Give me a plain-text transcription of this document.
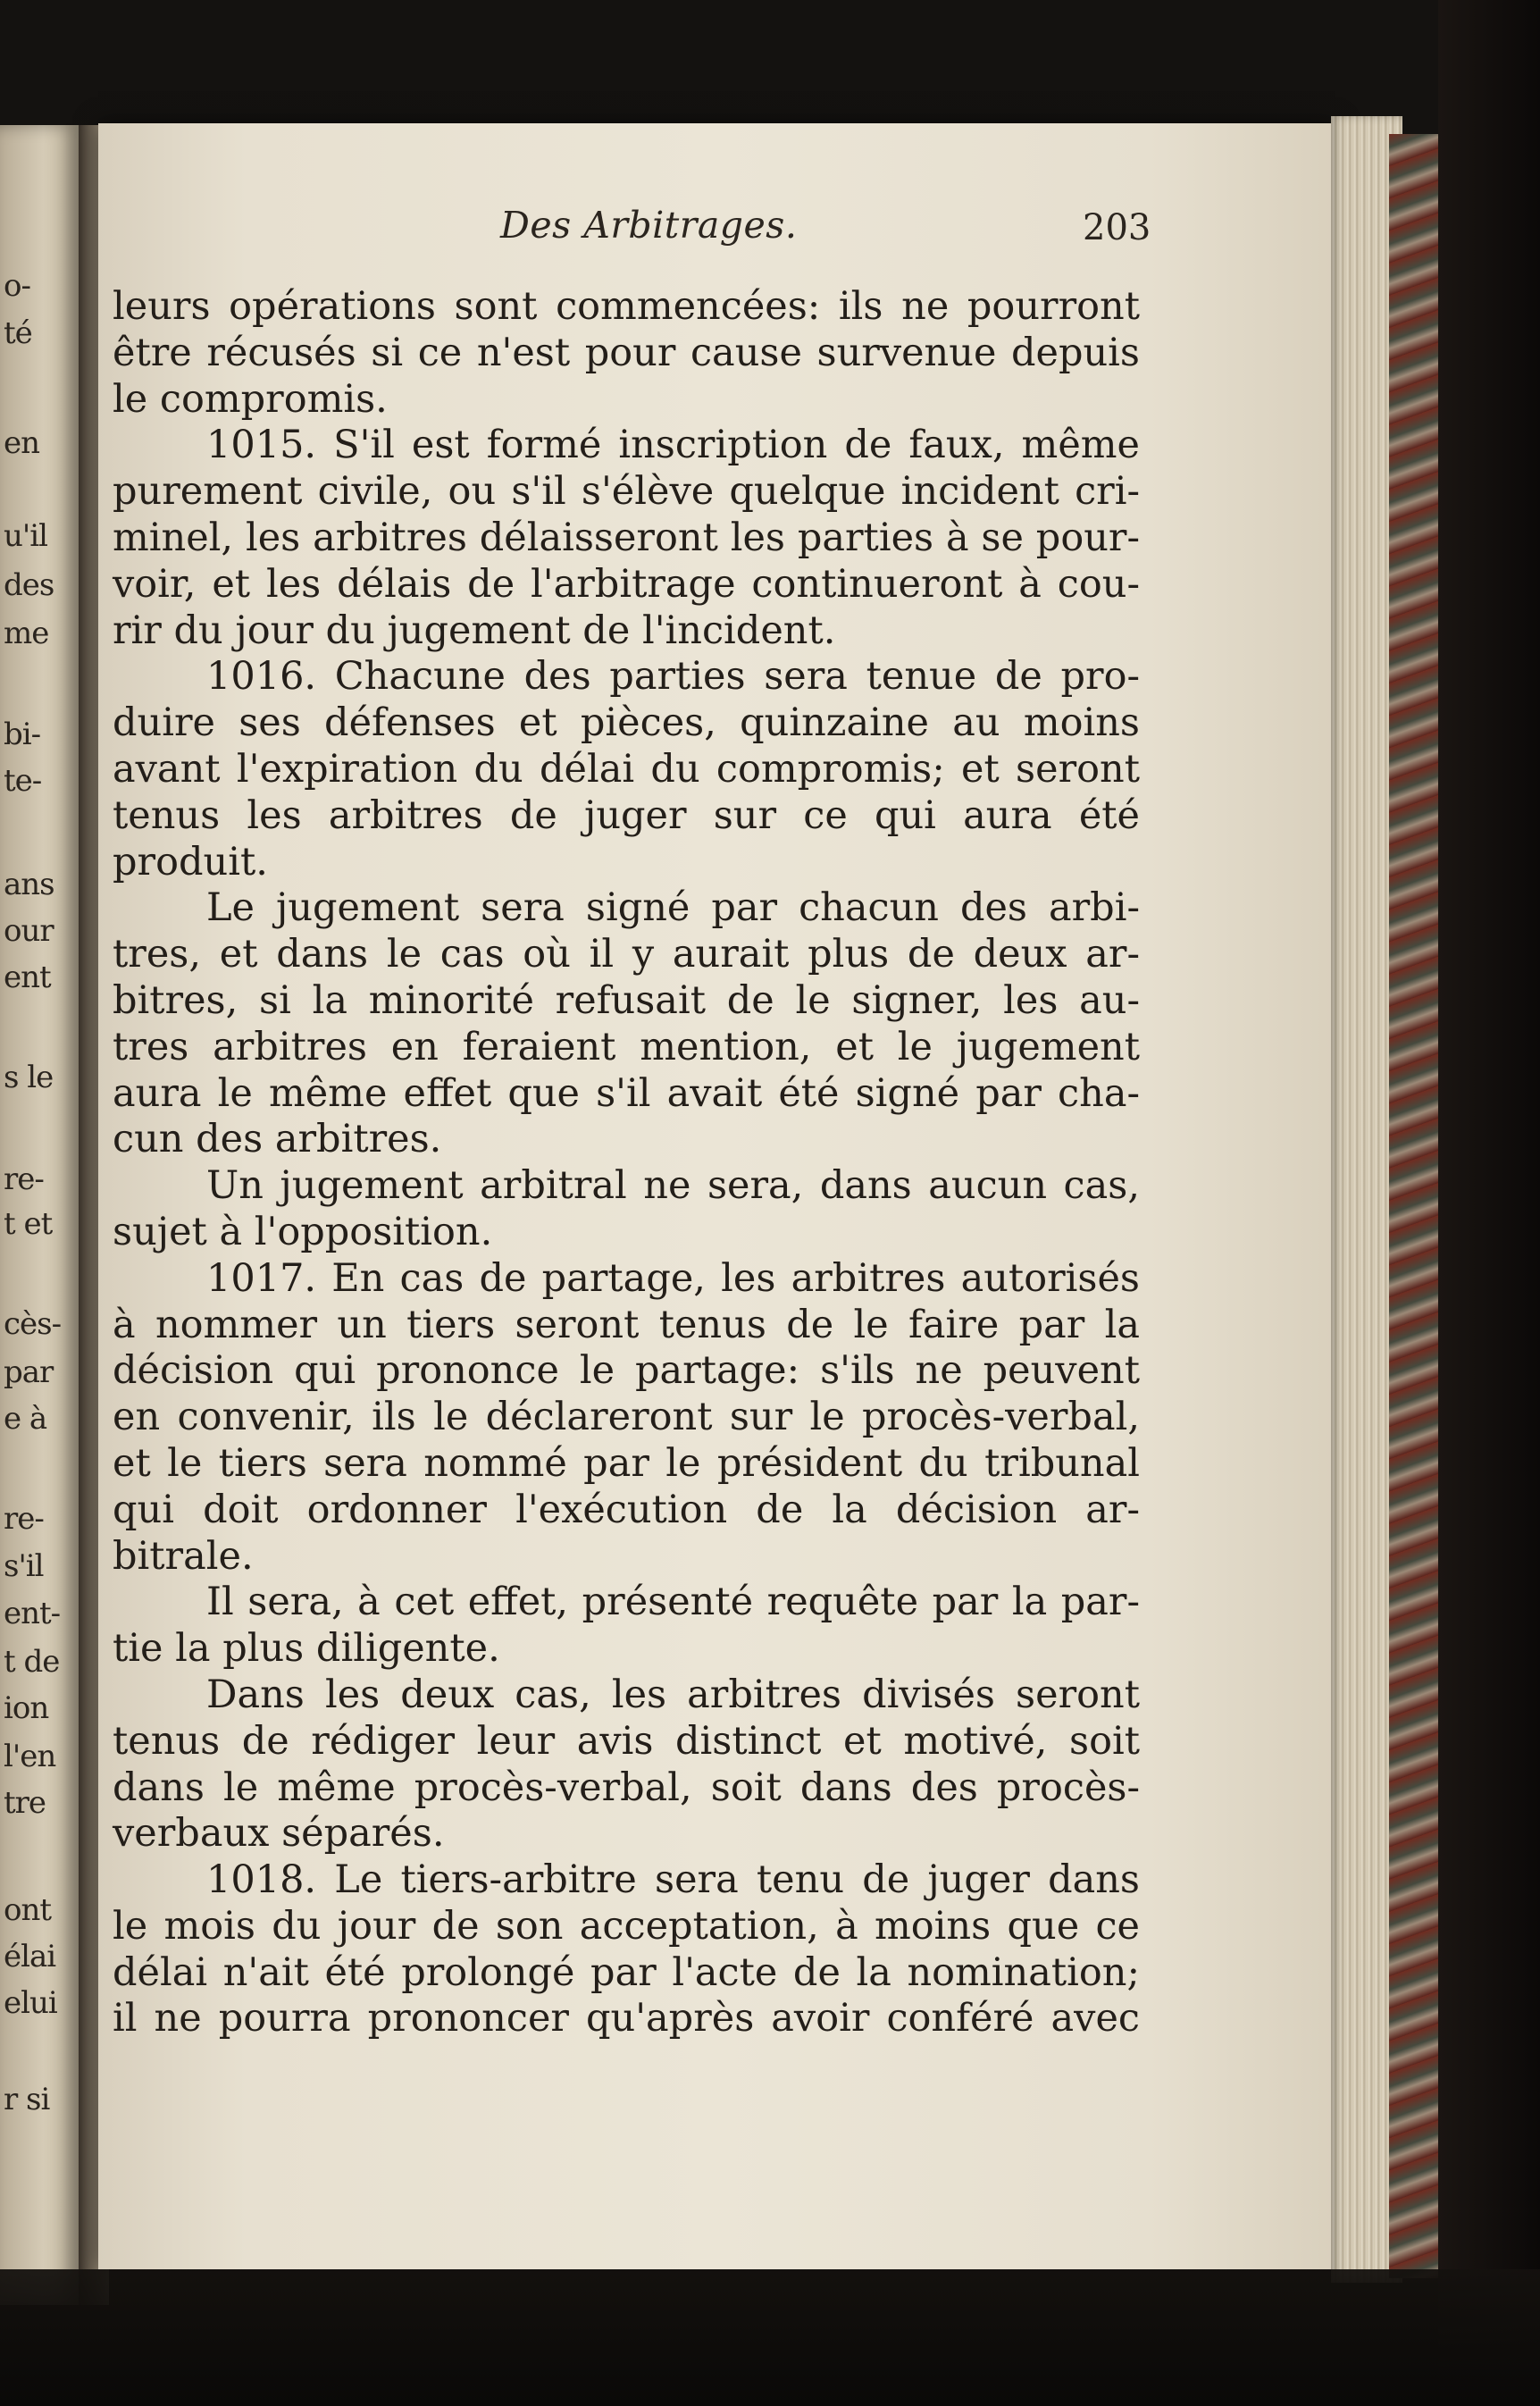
o-
té
en
u'il
des
me
bi-
te-
ans
our
ent
s le
re-
t et
cès-
par
e à
re-
s'il
ent-
t de
ion
l'en
tre
ont
élai
elui
r si
Des Arbitrages.	203
leurs opérations sont commencées: ils ne pourront
être récusés si ce n'est pour cause survenue depuis
le compromis.
1015. S'il est formé inscription de faux, même
purement civile, ou s'il s'élève quelque incident cri-
minel, les arbitres délaisseront les parties à se pour-
voir, et les délais de l'arbitrage continueront à cou-
rir du jour du jugement de l'incident.
1016. Chacune des parties sera tenue de pro-
duire ses défenses et pièces, quinzaine au moins
avant l'expiration du délai du compromis; et seront
tenus les arbitres de juger sur ce qui aura été
produit.
Le jugement sera signé par chacun des arbi-
tres, et dans le cas où il y aurait plus de deux ar-
bitres, si la minorité refusait de le signer, les au-
tres arbitres en feraient mention, et le jugement
aura le même effet que s'il avait été signé par cha-
cun des arbitres.
Un jugement arbitral ne sera, dans aucun cas,
sujet à l'opposition.
1017. En cas de partage, les arbitres autorisés
à nommer un tiers seront tenus de le faire par la
décision qui prononce le partage: s'ils ne peuvent
en convenir, ils le déclareront sur le procès-verbal,
et le tiers sera nommé par le président du tribunal
qui doit ordonner l'exécution de la décision ar-
bitrale.
Il sera, à cet effet, présenté requête par la par-
tie la plus diligente.
Dans les deux cas, les arbitres divisés seront
tenus de rédiger leur avis distinct et motivé, soit
dans le même procès-verbal, soit dans des procès-
verbaux séparés.
1018. Le tiers-arbitre sera tenu de juger dans
le mois du jour de son acceptation, à moins que ce
délai n'ait été prolongé par l'acte de la nomination;
il ne pourra prononcer qu'après avoir conféré avec
